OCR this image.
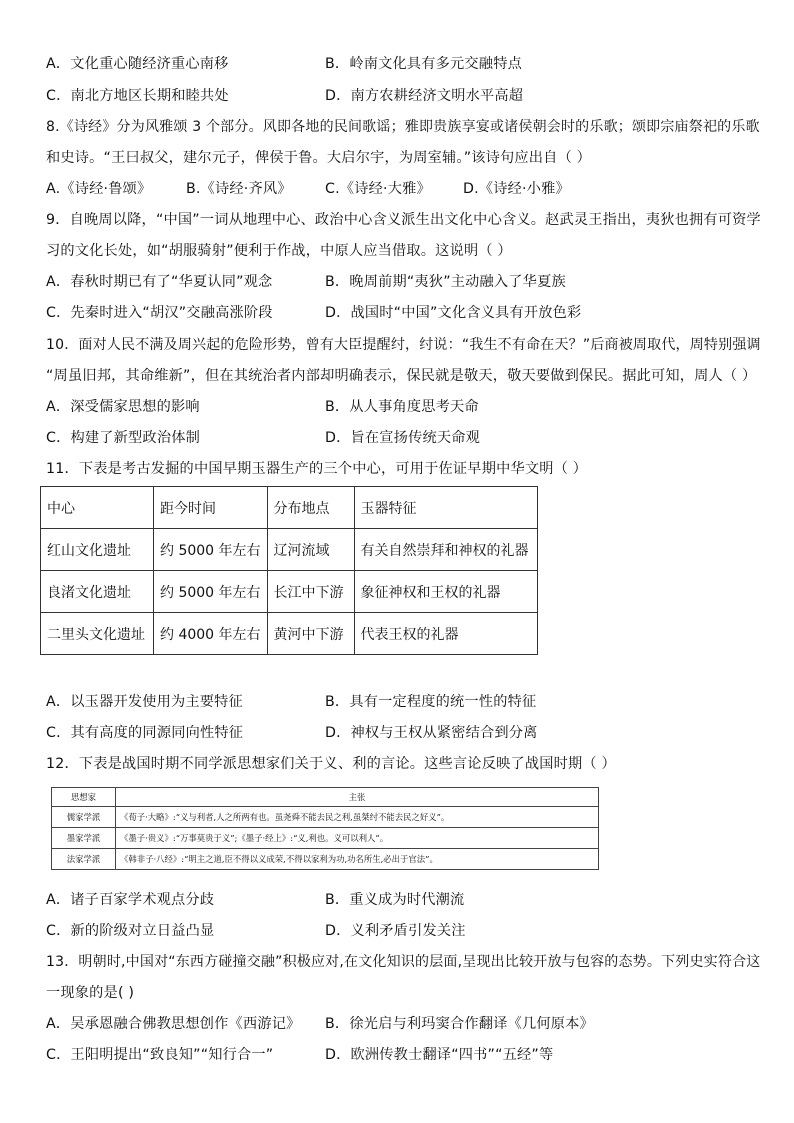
A．文化重心随经济重心南移	B．岭南文化具有多元交融特点
C．南北方地区长期和睦共处	D．南方农耕经济文明水平高超
8.《诗经》分为风雅颂 3 个部分。风即各地的民间歌谣；雅即贵族享宴或诸侯朝会时的乐歌；颂即宗庙祭祀的乐歌
和史诗。“王曰叔父，建尔元子，俾侯于鲁。大启尔宇，为周室辅。”该诗句应出自（ ）
A.《诗经·鲁颂》 B.《诗经·齐风》 C.《诗经·大雅》 D.《诗经·小雅》
9．自晚周以降，“中国”一词从地理中心、政治中心含义派生出文化中心含义。赵武灵王指出，夷狄也拥有可资学
习的文化长处，如“胡服骑射”便利于作战，中原人应当借取。这说明（ ）
A．春秋时期已有了“华夏认同”观念	B．晚周前期“夷狄”主动融入了华夏族
C．先秦时进入“胡汉”交融高涨阶段	D．战国时“中国”文化含义具有开放色彩
10．面对人民不满及周兴起的危险形势，曾有大臣提醒纣，纣说：“我生不有命在天？”后商被周取代，周特别强调
“周虽旧邦，其命维新”，但在其统治者内部却明确表示，保民就是敬天，敬天要做到保民。据此可知，周人（ ）
A．深受儒家思想的影响	B．从人事角度思考天命
C．构建了新型政治体制	D．旨在宣扬传统天命观
11．下表是考古发掘的中国早期玉器生产的三个中心，可用于佐证早期中华文明（ ）
中心	距今时间	分布地点	玉器特征
红山文化遗址	约 5000 年左右	辽河流域	有关自然崇拜和神权的礼器
良渚文化遗址	约 5000 年左右	长江中下游	象征神权和王权的礼器
二里头文化遗址	约 4000 年左右	黄河中下游	代表王权的礼器
A．以玉器开发使用为主要特征	B．具有一定程度的统一性的特征
C．其有高度的同源同向性特征	D．神权与王权从紧密结合到分离
12．下表是战国时期不同学派思想家们关于义、利的言论。这些言论反映了战国时期（ ）
思想家	主张
儒家学派	《荀子·大略》:“义与利者,人之所两有也。虽尧舜不能去民之利,虽桀纣不能去民之好义”。
墨家学派	《墨子·贵义》:“万事莫贵于义”;《墨子·经上》:“义,利也。义可以利人”。
法家学派	《韩非子·八经》:“明主之道,臣不得以义成荣,不得以家利为功,功名所生,必出于官法”。
A．诸子百家学术观点分歧	B．重义成为时代潮流
C．新的阶级对立日益凸显	D．义利矛盾引发关注
13．明朝时,中国对“东西方碰撞交融”积极应对,在文化知识的层面,呈现出比较开放与包容的态势。下列史实符合这
一现象的是( )
A．吴承恩融合佛教思想创作《西游记》 B．徐光启与利玛窦合作翻译《几何原本》
C．王阳明提出“致良知”“知行合一”	D．欧洲传教士翻译“四书”“五经”等
